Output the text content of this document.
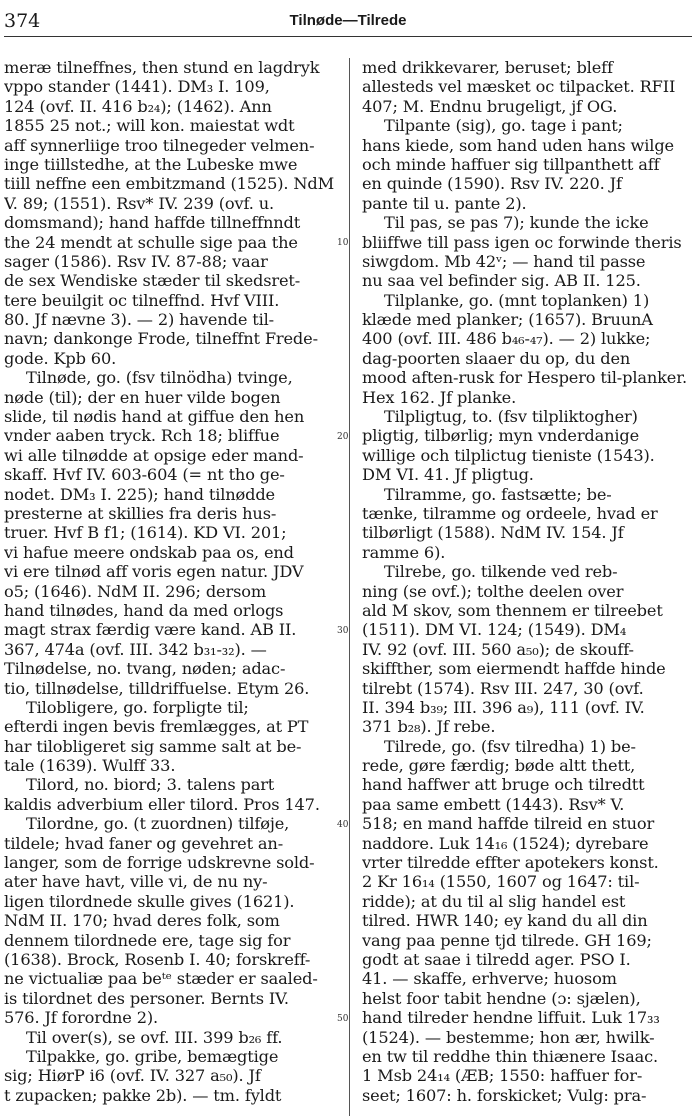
374	Tilnøde—Tilrede
meræ tilneffnes, then stund en lagdryk
vppo stander (1441). DM₃ I. 109,
124 (ovf. II. 416 b₂₄); (1462). Ann
1855 25 not.; will kon. maiestat wdt
aff synnerliige troo tilnegeder velmen-
inge tiillstedhe, at the Lubeske mwe
tiill neffne een embitzmand (1525). NdM
V. 89; (1551). Rsv* IV. 239 (ovf. u.
domsmand); hand haffde tillneffnndt
the 24 mendt at schulle sige paa the
sager (1586). Rsv IV. 87-88; vaar
de sex Wendiske stæder til skedsret-
tere beuilgit oc tilneffnd. Hvf VIII.
80. Jf nævne 3). — 2) havende til-
navn; dankonge Frode, tilneffnt Frede-
gode. Kpb 60.
Tilnøde, go. (fsv tilnödha) tvinge,
nøde (til); der en huer vilde bogen
slide, til nødis hand at giffue den hen
vnder aaben tryck. Rch 18; bliffue
wi alle tilnødde at opsige eder mand-
skaff. Hvf IV. 603-604 (= nt tho ge-
nodet. DM₃ I. 225); hand tilnødde
presterne at skillies fra deris hus-
truer. Hvf B f1; (1614). KD VI. 201;
vi hafue meere ondskab paa os, end
vi ere tilnød aff voris egen natur. JDV
o5; (1646). NdM II. 296; dersom
hand tilnødes, hand da med orlogs
magt strax færdig være kand. AB II.
367, 474a (ovf. III. 342 b₃₁-₃₂). —
Tilnødelse, no. tvang, nøden; adac-
tio, tillnødelse, tilldriffuelse. Etym 26.
Tilobligere, go. forpligte til;
efterdi ingen bevis fremlægges, at PT
har tilobligeret sig samme salt at be-
tale (1639). Wulff 33.
Tilord, no. biord; 3. talens part
kaldis adverbium eller tilord. Pros 147.
Tilordne, go. (t zuordnen) tilføje,
tildele; hvad faner og gevehret an-
langer, som de forrige udskrevne sold-
ater have havt, ville vi, de nu ny-
ligen tilordnede skulle gives (1621).
NdM II. 170; hvad deres folk, som
dennem tilordnede ere, tage sig for
(1638). Brock, Rosenb I. 40; forskreff-
ne victualiæ paa beᵗᵉ stæder er saaled-
is tilordnet des personer. Bernts IV.
576. Jf forordne 2).
Til over(s), se ovf. III. 399 b₂₆ ff.
Tilpakke, go. gribe, bemægtige
sig; HiørP i6 (ovf. IV. 327 a₅₀). Jf
t zupacken; pakke 2b). — tm. fyldt
med drikkevarer, beruset; bleff
allesteds vel mæsket oc tilpacket. RFII
407; M. Endnu brugeligt, jf OG.
Tilpante (sig), go. tage i pant;
hans kiede, som hand uden hans wilge
och minde haffuer sig tillpanthett aff
en quinde (1590). Rsv IV. 220. Jf
pante til u. pante 2).
Til pas, se pas 7); kunde the icke
bliiffwe till pass igen oc forwinde theris
siwgdom. Mb 42ᵛ; — hand til passe
nu saa vel befinder sig. AB II. 125.
Tilplanke, go. (mnt toplanken) 1)
klæde med planker; (1657). BruunA
400 (ovf. III. 486 b₄₆-₄₇). — 2) lukke;
dag-poorten slaaer du op, du den
mood aften-rusk for Hespero til-planker.
Hex 162. Jf planke.
Tilpligtug, to. (fsv tilpliktogher)
pligtig, tilbørlig; myn vnderdanige
willige och tilplictug tieniste (1543).
DM VI. 41. Jf pligtug.
Tilramme, go. fastsætte; be-
tænke, tilramme og ordeele, hvad er
tilbørligt (1588). NdM IV. 154. Jf
ramme 6).
Tilrebe, go. tilkende ved reb-
ning (se ovf.); tolthe deelen over
ald M skov, som thennem er tilreebet
(1511). DM VI. 124; (1549). DM₄
IV. 92 (ovf. III. 560 a₅₀); de skouff-
skiffther, som eiermendt haffde hinde
tilrebt (1574). Rsv III. 247, 30 (ovf.
II. 394 b₃₉; III. 396 a₉), 111 (ovf. IV.
371 b₂₈). Jf rebe.
Tilrede, go. (fsv tilredha) 1) be-
rede, gøre færdig; bøde altt thett,
hand haffwer att bruge och tilredtt
paa same embett (1443). Rsv* V.
518; en mand haffde tilreid en stuor
naddore. Luk 14₁₆ (1524); dyrebare
vrter tilredde effter apotekers konst.
2 Kr 16₁₄ (1550, 1607 og 1647: til-
ridde); at du til al slig handel est
tilred. HWR 140; ey kand du all din
vang paa penne tjd tilrede. GH 169;
godt at saae i tilredd ager. PSO I.
41. — skaffe, erhverve; huosom
helst foor tabit hendne (ɔ: sjælen),
hand tilreder hendne liffuit. Luk 17₃₃
(1524). — bestemme; hon ær, hwilk-
en tw til reddhe thin thiænere Isaac.
1 Msb 24₁₄ (ÆB; 1550: haffuer for-
seet; 1607: h. forskicket; Vulg: pra-
10
20
30
40
50
